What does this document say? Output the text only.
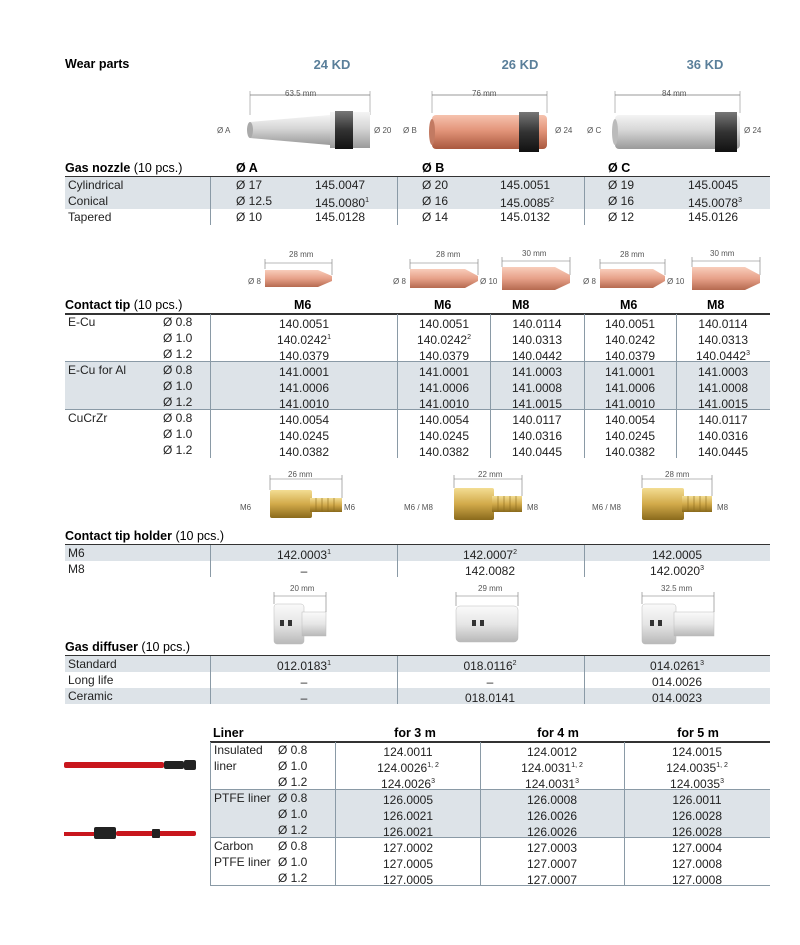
Wear parts	24 KD	26 KD	36 KD
63.5 mm	76 mm	84 mm
Ø A	Ø 20 Ø B	Ø 24 Ø C	Ø 24
Gas nozzle (10 pcs.)	Ø A	Ø B	Ø C
Cylindrical	Ø 17	145.0047	Ø 20	145.0051	Ø 19	145.0045
Conical	Ø 12.5	145.0080$^1$	Ø 16	145.0085$^2$	Ø 16	145.0078$^3$
Tapered	Ø 10	145.0128	Ø 14	145.0132	Ø 12	145.0126
28 mm	28 mm	30 mm	28 mm	30 mm
Ø 8	Ø 8	Ø 10	Ø 8	Ø 10
Contact tip (10 pcs.)	M6	M6	M8	M6	M8
E-Cu	Ø 0.8	140.0051	140.0051	140.0114	140.0051	140.0114
Ø 1.0	140.0242$^1$	140.0242$^2$	140.0313	140.0242	140.0313
Ø 1.2	140.0379	140.0379	140.0442	140.0379	140.0442$^3$
E-Cu for Al	Ø 0.8	141.0001	141.0001	141.0003	141.0001	141.0003
Ø 1.0	141.0006	141.0006	141.0008	141.0006	141.0008
Ø 1.2	141.0010	141.0010	141.0015	141.0010	141.0015
CuCrZr	Ø 0.8	140.0054	140.0054	140.0117	140.0054	140.0117
Ø 1.0	140.0245	140.0245	140.0316	140.0245	140.0316
Ø 1.2	140.0382	140.0382	140.0445	140.0382	140.0445
26 mm	22 mm	28 mm
M6	M6	M6 / M8	M8	M6 / M8	M8
Contact tip holder (10 pcs.)
M6	142.0003$^1$	142.0007$^2$	142.0005
M8	–	142.0082	142.0020$^3$
20 mm	29 mm	32.5 mm
Gas diffuser (10 pcs.)
Standard	012.0183$^1$	018.0116$^2$	014.0261$^3$
Long life	–	–	014.0026
Ceramic	–	018.0141	014.0023
Liner	for 3 m	for 4 m	for 5 m
Insulated Ø 0.8	124.0011	124.0012	124.0015
liner	Ø 1.0	124.0026$^{1, 2}$	124.0031$^{1, 2}$	124.0035$^{1, 2}$
Ø 1.2	124.0026$^3$	124.0031$^3$	124.0035$^3$
PTFE liner Ø 0.8	126.0005	126.0008	126.0011
Ø 1.0	126.0021	126.0026	126.0028
Ø 1.2	126.0021	126.0026	126.0028
Carbon Ø 0.8	127.0002	127.0003	127.0004
PTFE liner Ø 1.0	127.0005	127.0007	127.0008
Ø 1.2	127.0005	127.0007	127.0008
